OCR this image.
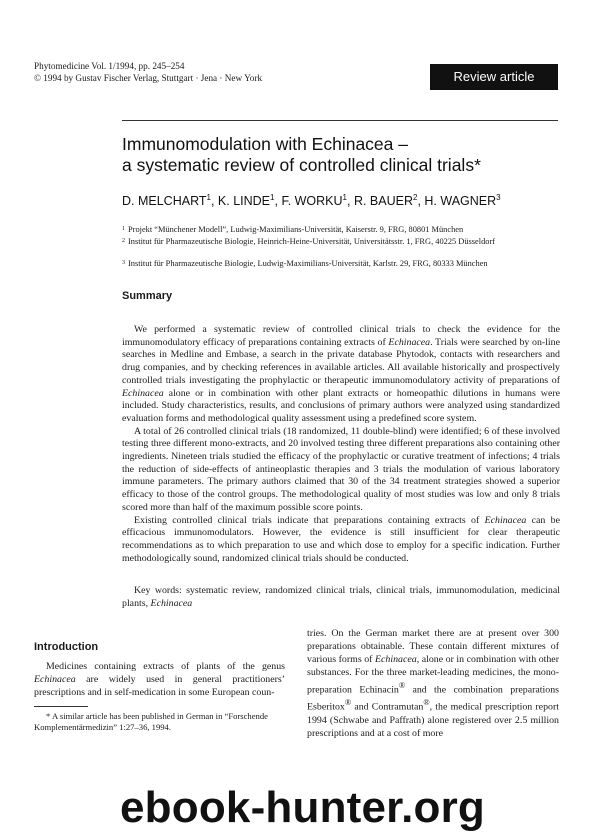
Phytomedicine Vol. 1/1994, pp. 245–254
© 1994 by Gustav Fischer Verlag, Stuttgart · Jena · New York	Review article
Immunomodulation with Echinacea –
a systematic review of controlled clinical trials*
D. MELCHART$^1$, K. LINDE$^1$, F. WORKU$^1$, R. BAUER$^2$, H. WAGNER$^3$
$^1$ Projekt “Münchener Modell”, Ludwig-Maximilians-Universität, Kaiserstr. 9, FRG, 80801 München
$^2$ Institut für Pharmazeutische Biologie, Heinrich-Heine-Universität, Universitätsstr. 1, FRG, 40225 Düsseldorf
$^3$ Institut für Pharmazeutische Biologie, Ludwig-Maximilians-Universität, Karlstr. 29, FRG, 80333 München
Summary

We performed a systematic review of controlled clinical trials to check the evidence for the immunomodulatory efficacy of preparations containing extracts of Echinacea. Trials were searched by on-line searches in Medline and Embase, a search in the private database Phytodok, contacts with researchers and drug companies, and by checking references in available articles. All available historically and prospectively controlled trials investigating the prophylactic or therapeutic immunomodulatory activity of preparations of Echinacea alone or in combination with other plant extracts or homeopathic dilutions in humans were included. Study characteristics, results, and conclusions of primary authors were analyzed using standardized evaluation forms and methodological quality assessment using a predefined score system.

A total of 26 controlled clinical trials (18 randomized, 11 double-blind) were identified; 6 of these involved testing three different mono-extracts, and 20 involved testing three different preparations also containing other ingredients. Nineteen trials studied the efficacy of the prophylactic or curative treatment of infections; 4 trials the reduction of side-effects of antineoplastic therapies and 3 trials the modulation of various laboratory immune parameters. The primary authors claimed that 30 of the 34 treatment strategies showed a superior efficacy to those of the control groups. The methodological quality of most studies was low and only 8 trials scored more than half of the maximum possible score points.

Existing controlled clinical trials indicate that preparations containing extracts of Echinacea can be efficacious immunomodulators. However, the evidence is still insufficient for clear therapeutic recommendations as to which preparation to use and which dose to employ for a specific indication. Further methodologically sound, randomized clinical trials should be conducted.

Key words: systematic review, randomized clinical trials, clinical trials, immunomodulation, medicinal plants, Echinacea
Introduction
Medicines containing extracts of plants of the genus Echinacea are widely used in general practitioners’ prescriptions and in self-medication in some European coun-
tries. On the German market there are at present over 300 preparations obtainable. These contain different mixtures of various forms of Echinacea, alone or in combination with other substances. For the three market-leading medicines, the mono-preparation Echinacin® and the combination preparations Esberitox® and Contramutan®, the medical prescription report 1994 (Schwabe and Paffrath) alone registered over 2.5 million prescriptions and at a cost of more
* A similar article has been published in German in “Forschende Komplementärmedizin” 1:27–36, 1994.
ebook-hunter.org
